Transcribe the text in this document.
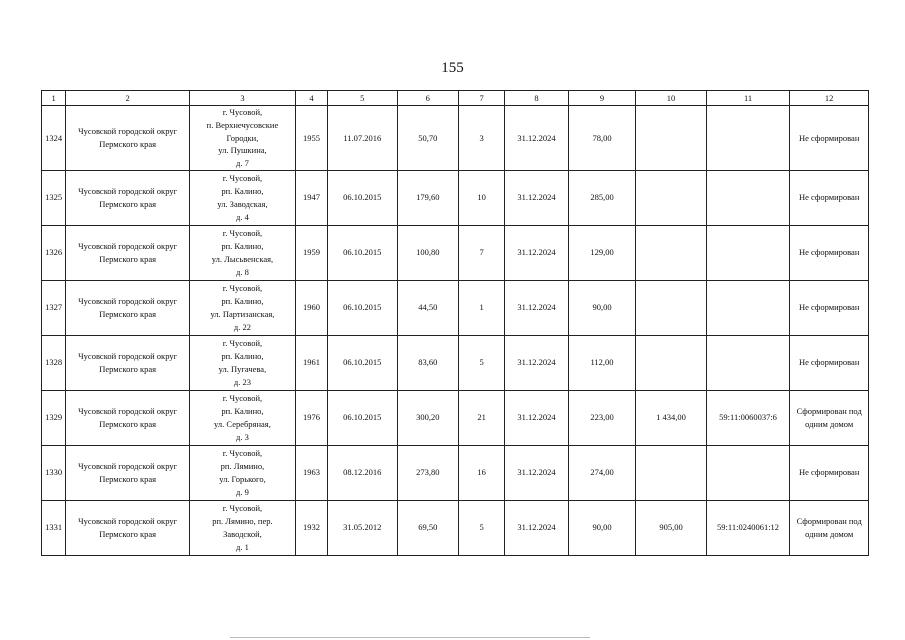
155
1	2	3	4	5	6	7	8	9	10	11	12
1324	Чусовской городской округ Пермского края	г. Чусовой,
п. Верхнечусовские
Городки,
ул. Пушкина,
д. 7	1955	11.07.2016	50,70	3	31.12.2024	78,00			Не сформирован
1325	Чусовской городской округ Пермского края	г. Чусовой,
рп. Калино,
ул. Заводская,
д. 4	1947	06.10.2015	179,60	10	31.12.2024	285,00			Не сформирован
1326	Чусовской городской округ Пермского края	г. Чусовой,
рп. Калино,
ул. Лысьвенская,
д. 8	1959	06.10.2015	100,80	7	31.12.2024	129,00			Не сформирован
1327	Чусовской городской округ Пермского края	г. Чусовой,
рп. Калино,
ул. Партизанская,
д. 22	1960	06.10.2015	44,50	1	31.12.2024	90,00			Не сформирован
1328	Чусовской городской округ Пермского края	г. Чусовой,
рп. Калино,
ул. Пугачева,
д. 23	1961	06.10.2015	83,60	5	31.12.2024	112,00			Не сформирован
1329	Чусовской городской округ Пермского края	г. Чусовой,
рп. Калино,
ул. Серебряная,
д. 3	1976	06.10.2015	300,20	21	31.12.2024	223,00	1 434,00	59:11:0060037:6	Сформирован под одним домом
1330	Чусовской городской округ Пермского края	г. Чусовой,
рп. Лямино,
ул. Горького,
д. 9	1963	08.12.2016	273,80	16	31.12.2024	274,00			Не сформирован
1331	Чусовской городской округ Пермского края	г. Чусовой,
рп. Лямино, пер.
Заводской,
д. 1	1932	31.05.2012	69,50	5	31.12.2024	90,00	905,00	59:11:0240061:12	Сформирован под одним домом
